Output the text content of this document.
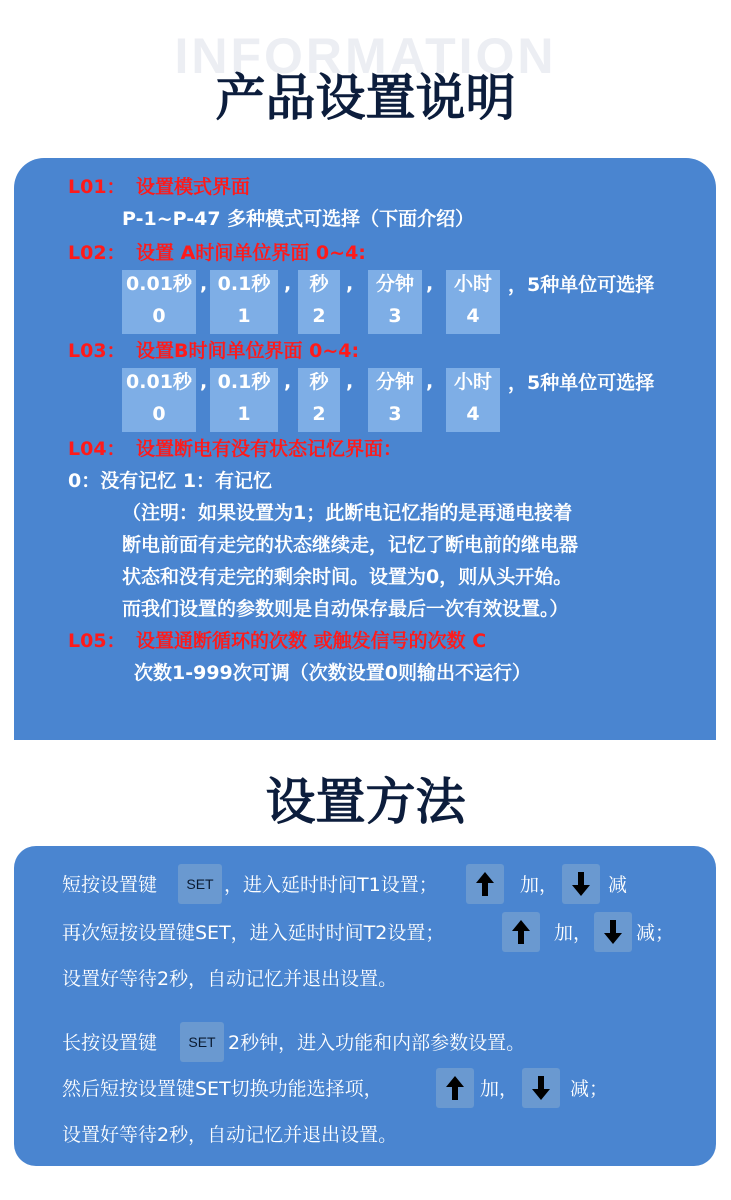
INFORMATION
产品设置说明
L01： 设置模式界面
P-1~P-47 多种模式可选择（下面介绍）
L02： 设置 A时间单位界面 0~4:
0.01秒
0
, 0.1秒
1
, 秒
2
,	分钟
3
,	小时
4
，5种单位可选择
L03： 设置B时间单位界面 0~4:
0.01秒
0
, 0.1秒
1
, 秒
2
,	分钟
3
,	小时
4
，5种单位可选择
L04： 设置断电有没有状态记忆界面：
0：没有记忆 1：有记忆
（注明：如果设置为1；此断电记忆指的是再通电接着
断电前面有走完的状态继续走，记忆了断电前的继电器
状态和没有走完的剩余时间。设置为0，则从头开始。
而我们设置的参数则是自动保存最后一次有效设置。）
L05： 设置通断循环的次数 或触发信号的次数 C
次数1-999次可调（次数设置0则输出不运行）
设置方法
短按设置键	SET ，进入延时时间T1设置；	加，	减
再次短按设置键SET，进入延时时间T2设置；	加， 减；
设置好等待2秒，自动记忆并退出设置。
长按设置键	SET 2秒钟，进入功能和内部参数设置。
然后短按设置键SET切换功能选择项，	加，	减；
设置好等待2秒，自动记忆并退出设置。
